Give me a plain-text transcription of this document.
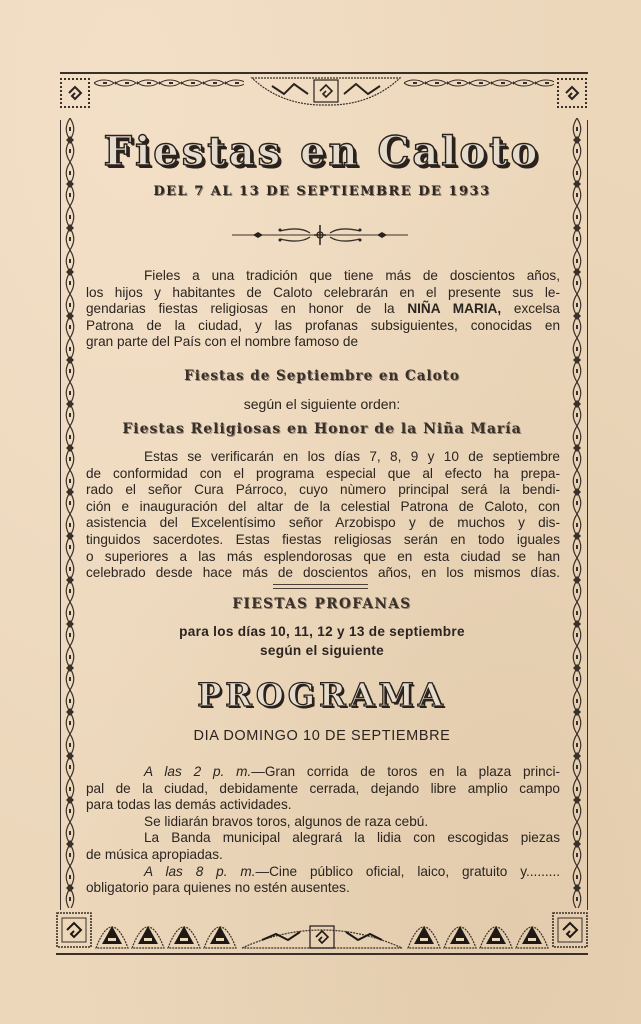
Fiestas en Caloto
DEL 7 AL 13 DE SEPTIEMBRE DE 1933
Fieles a una tradición que tiene más de doscientos años,
los hijos y habitantes de Caloto celebrarán en el presente sus le-
gendarias fiestas religiosas en honor de la NIÑA MARIA, excelsa
Patrona de la ciudad, y las profanas subsiguientes, conocidas en
gran parte del País con el nombre famoso de
Fiestas de Septiembre en Caloto
según el siguiente orden:
Fiestas Religiosas en Honor de la Niña María
Estas se verificarán en los días 7, 8, 9 y 10 de septiembre
de conformidad con el programa especial que al efecto ha prepa-
rado el señor Cura Párroco, cuyo nùmero principal será la bendi-
ción e inauguración del altar de la celestial Patrona de Caloto, con
asistencia del Excelentísimo señor Arzobispo y de muchos y dis-
tinguidos sacerdotes. Estas fiestas religiosas serán en todo iguales
o superiores a las más esplendorosas que en esta ciudad se han
celebrado desde hace más de doscientos años, en los mismos días.
FIESTAS PROFANAS
para los días 10, 11, 12 y 13 de septiembre
según el siguiente
PROGRAMA
DIA DOMINGO 10 DE SEPTIEMBRE
A las 2 p. m.—Gran corrida de toros en la plaza princi-
pal de la ciudad, debidamente cerrada, dejando libre amplio campo
para todas las demás actividades.
Se lidiarán bravos toros, algunos de raza cebú.
La Banda municipal alegrará la lidia con escogidas piezas
de música apropiadas.
A las 8 p. m.—Cine público oficial, laico, gratuito y.........
obligatorio para quienes no estén ausentes.
